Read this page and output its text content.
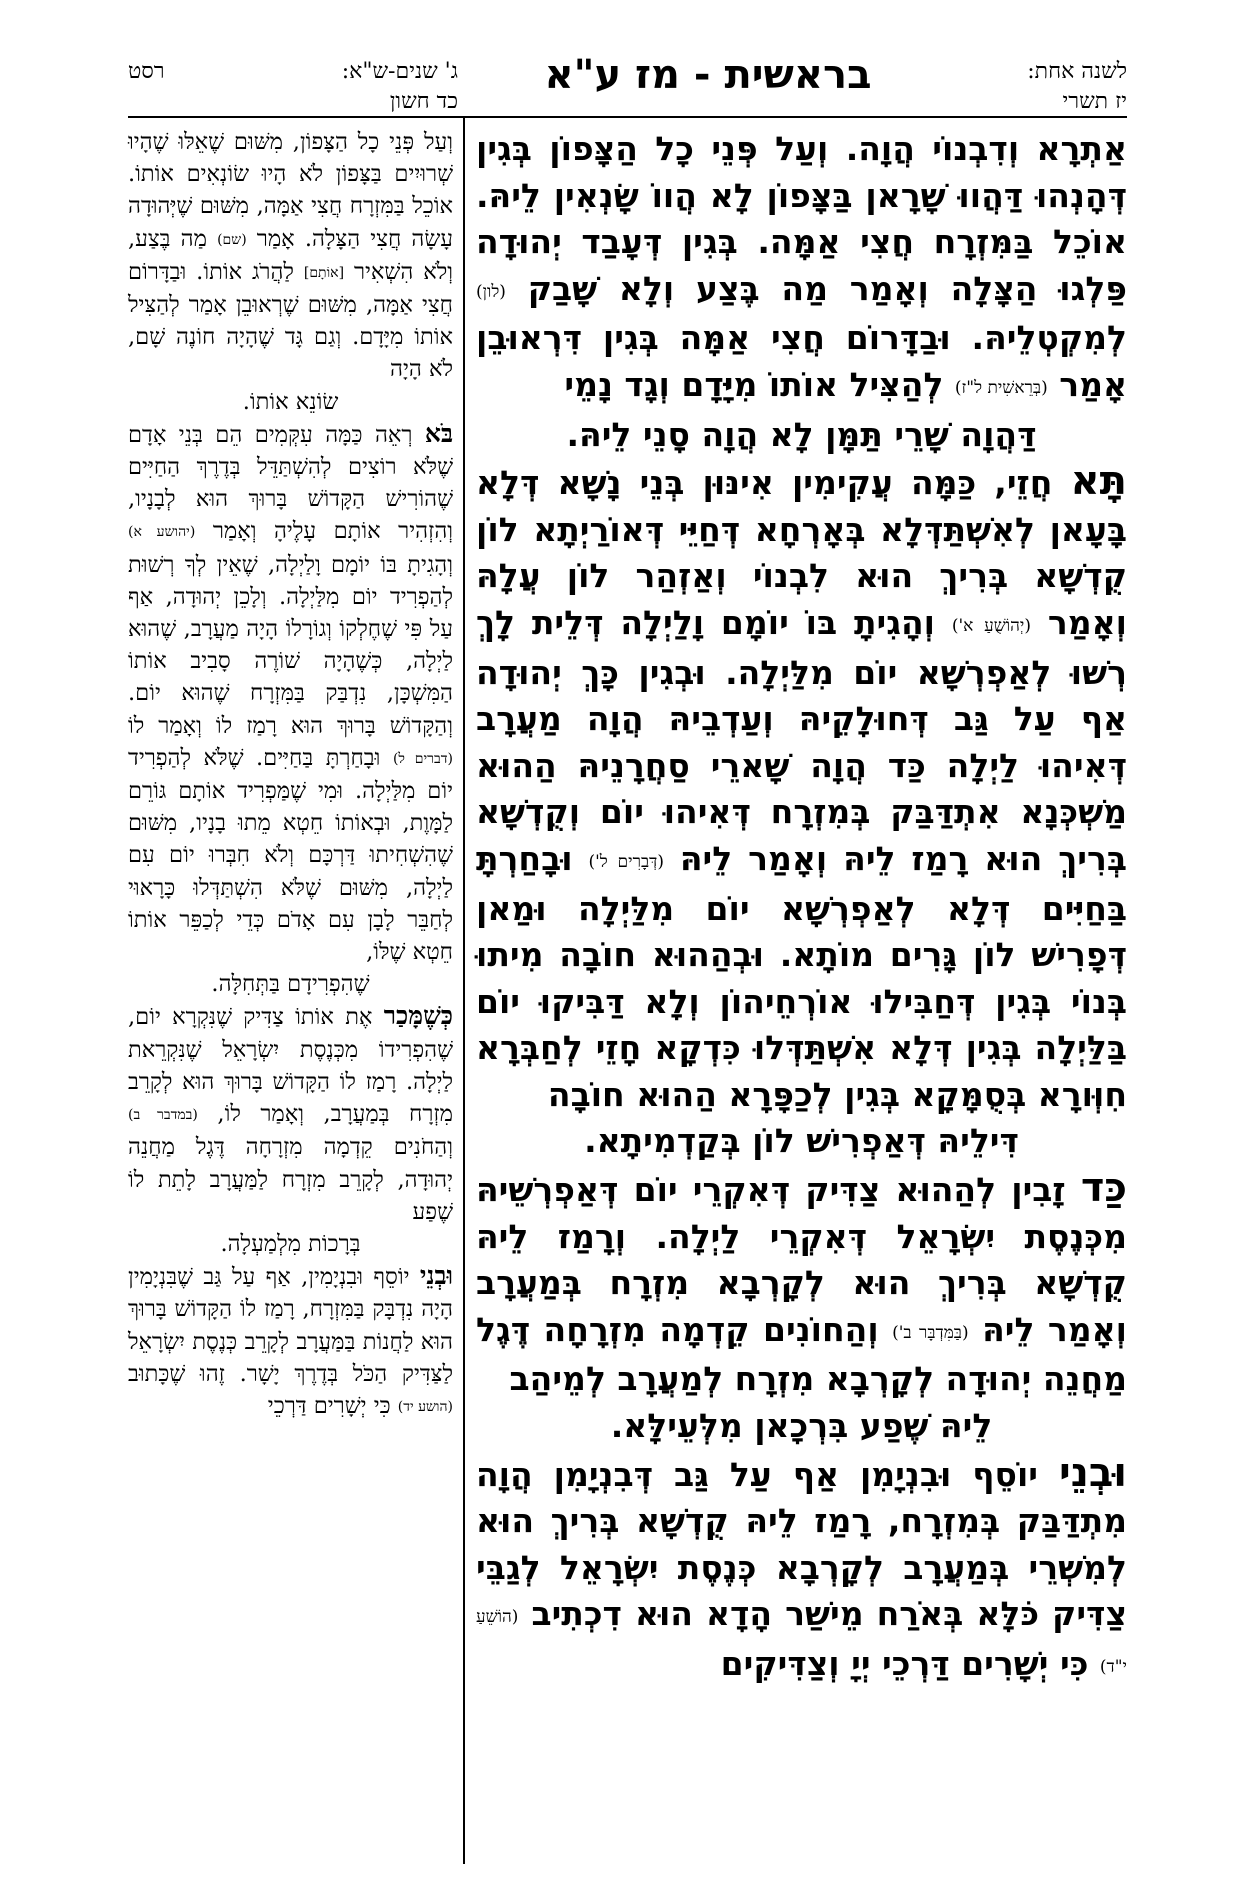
ג' שנים-ש"א:
כד חשון
רסט	בראשית - מז ע"א	לשנה אחת:
יז תשרי

אַתְרָא וְדִבְנוֹי הֲוָה. וְעַל פְּנֵי כָל הַצָּפוֹן בְּגִין דְּהָנְהוּ דַּהֲווּ שָׁרָאן בַּצָּפוֹן לָא הֲווֹ שָׂנְאִין לֵיהּ. אוֹכֵל בַּמִּזְרָח חֲצִי אַמָּה. בְּגִין דְּעָבַד יְהוּדָה פַּלְגוּ הַצָּלָה וְאָמַר מַה בֶּצַע וְלָא שָׁבַק (לון) לְמִקְטְלֵיהּ. וּבַדָּרוֹם חֲצִי אַמָּה בְּגִין דִּרְאוּבֵן אָמַר (בְּרֵאשִׁית ל"ז) לְהַצִּיל אוֹתוֹ מִיָּדָם וְגָד נָמֵי

דַּהֲוָה שָׁרֵי תַּמָּן לָא הֲוָה סָנֵי לֵיהּ.

תָּא חֲזֵי, כַּמָּה עֲקִימִין אִינּוּן בְּנֵי נָשָׁא דְּלָא בָּעָאן לְאִשְׁתַּדְּלָא בְּאָרְחָא דְּחַיֵּי דְּאוֹרַיְתָא לוֹן קֻדְשָׁא בְּרִיךְ הוּא לִבְנוֹי וְאַזְהַר לוֹן עֲלָהּ וְאָמַר (יְהוֹשֻׁעַ א') וְהָגִיתָ בּוֹ יוֹמָם וָלַיְלָה דְּלֵית לָךְ רְשׁוּ לְאַפְרְשָׁא יוֹם מִלַּיְלָה. וּבְגִין כָּךְ יְהוּדָה אַף עַל גַּב דְּחוּלָקֵיהּ וְעַדְבֵיהּ הֲוָה מַעֲרָב דְּאִיהוּ לַיְלָה כַּד הֲוָה שָׁארֵי סַחֲרָנֵיהּ הַהוּא מַשְׁכְּנָא אִתְדַּבַּק בְּמִזְרָח דְּאִיהוּ יוֹם וְקֻדְשָׁא בְּרִיךְ הוּא רָמַז לֵיהּ וְאָמַר לֵיהּ (דְּבָרִים ל') וּבָחַרְתָּ בַּחַיִּים דְּלָא לְאַפְרְשָׁא יוֹם מִלַּיְלָה וּמַאן דְּפָרִישׁ לוֹן גָּרִים מוֹתָא. וּבְהַהוּא חוֹבָה מִיתוּ בְּנוֹי בְּגִין דְּחַבִּילוּ אוֹרְחֵיהוֹן וְלָא דַּבִּיקוּ יוֹם בַּלַּיְלָה בְּגִין דְּלָא אִשְׁתַּדְּלוּ כִּדְקָא חָזֵי לְחַבְּרָא חִוְּורָא בְּסֻמָּקָא בְּגִין לְכַפָּרָא הַהוּא חוֹבָה

דִּילֵיהּ דְּאַפְרִישׁ לוֹן בְּקַדְמִיתָא.

כַּד זָבִין לְהַהוּא צַדִּיק דְּאִקְרֵי יוֹם דְּאַפְרְשֵׁיהּ מִכְּנֶסֶת יִשְׂרָאֵל דְּאִקְרֵי לַיְלָה. וְרָמַז לֵיהּ קֻדְשָׁא בְּרִיךְ הוּא לְקָרְבָא מִזְרָח בְּמַעֲרָב וְאָמַר לֵיהּ (בַּמִּדְבָּר ב') וְהַחוֹנִים קֵדְמָה מִזְרָחָה דֶּגֶל מַחֲנֵה יְהוּדָה לְקָרְבָא מִזְרָח לְמַעֲרָב לְמֵיהַב

לֵיהּ שֶׁפַע בִּרְכָאן מִלְּעֵילָּא.

וּבְנֵי יוֹסֵף וּבִנְיָמִן אַף עַל גַּב דְּבִנְיָמִן הֲוָה מִתְדַּבַּק בְּמִזְרָח, רָמַז לֵיהּ קֻדְשָׁא בְּרִיךְ הוּא לְמִשְׁרֵי בְּמַעֲרָב לְקָרְבָא כְּנֶסֶת יִשְׂרָאֵל לְגַבֵּי צַדִּיק כֹּלָּא בְּאֹרַח מֵישַׁר הָדָא הוּא דִכְתִיב (הוֹשֵׁעַ י"ד) כִּי יְשָׁרִים דַּרְכֵי יְיָ וְצַדִּיקִים

וְעַל פְּנֵי כָל הַצָּפוֹן, מִשּׁוּם שֶׁאֵלּוּ שֶׁהָיוּ שְׁרוּיִים בַּצָּפוֹן לֹא הָיוּ שׂוֹנְאִים אוֹתוֹ. אוֹכֵל בַּמִּזְרָח חֲצִי אַמָּה, מִשּׁוּם שֶׁיְּהוּדָה עָשָׂה חֲצִי הַצָּלָה. אָמַר (שם) מַה בֶּצַע, וְלֹא הִשְׁאִיר [אוֹתָם] לַהֲרֹג אוֹתוֹ. וּבַדָּרוֹם חֲצִי אַמָּה, מִשּׁוּם שֶׁרְאוּבֵן אָמַר לְהַצִּיל אוֹתוֹ מִיָּדָם. וְגַם גָּד שֶׁהָיָה חוֹנֶה שָׁם, לֹא הָיָה

שׂוֹנֵא אוֹתוֹ.

בֹּא רְאֵה כַּמָּה עִקְּמִים הֵם בְּנֵי אָדָם שֶׁלֹּא רוֹצִים לְהִשְׁתַּדֵּל בְּדֶרֶךְ הַחַיִּים שֶׁהוֹרִישׁ הַקָּדוֹשׁ בָּרוּךְ הוּא לְבָנָיו, וְהִזְהִיר אוֹתָם עָלֶיהָ וְאָמַר (יהושע א) וְהָגִיתָ בּוֹ יוֹמָם וָלַיְלָה, שֶׁאֵין לְךָ רְשׁוּת לְהַפְרִיד יוֹם מִלַּיְלָה. וְלָכֵן יְהוּדָה, אַף עַל פִּי שֶׁחֶלְקוֹ וְגוֹרָלוֹ הָיָה מַעֲרָב, שֶׁהוּא לַיְלָה, כְּשֶׁהָיָה שׁוֹרֶה סָבִיב אוֹתוֹ הַמִּשְׁכָּן, נִדְבַּק בַּמִּזְרָח שֶׁהוּא יוֹם. וְהַקָּדוֹשׁ בָּרוּךְ הוּא רָמַז לוֹ וְאָמַר לוֹ (דברים ל) וּבָחַרְתָּ בַּחַיִּים. שֶׁלֹּא לְהַפְרִיד יוֹם מִלַּיְלָה. וּמִי שֶׁמַּפְרִיד אוֹתָם גּוֹרֵם לַמָּוֶת, וּבְאוֹתוֹ חֵטְא מֵתוּ בָנָיו, מִשּׁוּם שֶׁהִשְׁחִיתוּ דַּרְכָּם וְלֹא חִבְּרוּ יוֹם עִם לַיְלָה, מִשּׁוּם שֶׁלֹּא הִשְׁתַּדְּלוּ כָּרָאוּי לְחַבֵּר לָבָן עִם אָדֹם כְּדֵי לְכַפֵּר אוֹתוֹ חֵטְא שֶׁלּוֹ,

שֶׁהִפְרִידָם בַּתְּחִלָּה.

כְּשֶׁמָּכַר אֶת אוֹתוֹ צַדִּיק שֶׁנִּקְרָא יוֹם, שֶׁהִפְרִידוֹ מִכְּנֶסֶת יִשְׂרָאֵל שֶׁנִּקְרֵאת לַיְלָה. רָמַז לוֹ הַקָּדוֹשׁ בָּרוּךְ הוּא לְקָרֵב מִזְרָח בְּמַעֲרָב, וְאָמַר לוֹ, (במדבר ב) וְהַחֹנִים קֵדְמָה מִזְרָחָה דֶּגֶל מַחֲנֵה יְהוּדָה, לְקָרֵב מִזְרָח לַמַּעֲרָב לָתֵת לוֹ שֶׁפַע

בְּרָכוֹת מִלְמַעְלָה.

וּבְנֵי יוֹסֵף וּבִנְיָמִין, אַף עַל גַּב שֶׁבִּנְיָמִין הָיָה נִדְבָּק בַּמִּזְרָח, רָמַז לוֹ הַקָּדוֹשׁ בָּרוּךְ הוּא לַחֲנוֹת בַּמַּעֲרָב לְקָרֵב כְּנֶסֶת יִשְׂרָאֵל לַצַּדִּיק הַכֹּל בְּדֶרֶךְ יָשָׁר. זֶהוּ שֶׁכָּתוּב (הושע יד) כִּי יְשָׁרִים דַּרְכֵי
